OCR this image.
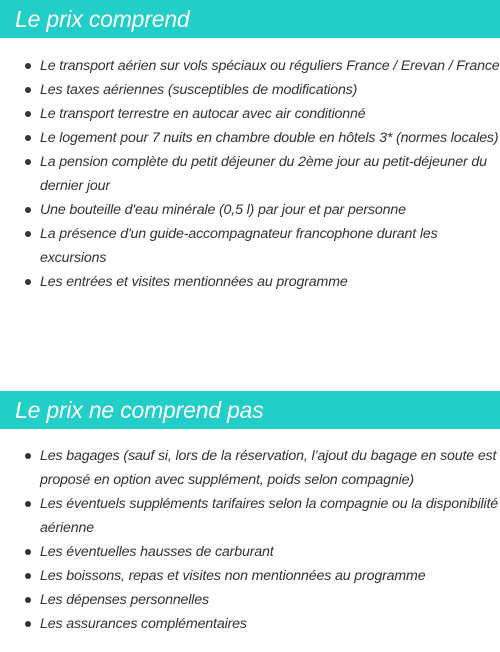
Le prix comprend
Le transport aérien sur vols spéciaux ou réguliers France / Erevan / France
Les taxes aériennes (susceptibles de modifications)
Le transport terrestre en autocar avec air conditionné
Le logement pour 7 nuits en chambre double en hôtels 3* (normes locales)
La pension complète du petit déjeuner du 2ème jour au petit-déjeuner du dernier jour
Une bouteille d'eau minérale (0,5 l) par jour et par personne
La présence d'un guide-accompagnateur francophone durant les excursions
Les entrées et visites mentionnées au programme
Le prix ne comprend pas
Les bagages (sauf si, lors de la réservation, l’ajout du bagage en soute est proposé en option avec supplément, poids selon compagnie)
Les éventuels suppléments tarifaires selon la compagnie ou la disponibilité aérienne
Les éventuelles hausses de carburant
Les boissons, repas et visites non mentionnées au programme
Les dépenses personnelles
Les assurances complémentaires
